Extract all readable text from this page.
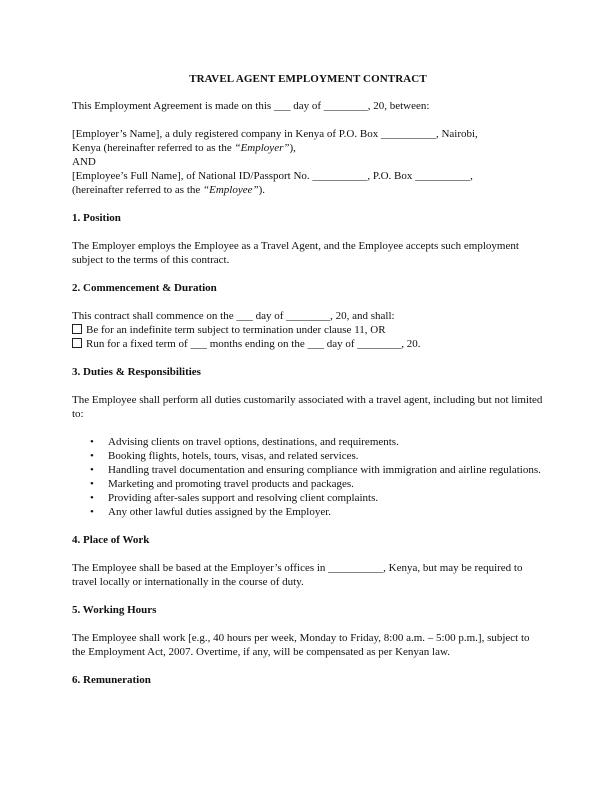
TRAVEL AGENT EMPLOYMENT CONTRACT

This Employment Agreement is made on this ___ day of ________, 20, between:

[Employer’s Name], a duly registered company in Kenya of P.O. Box __________, Nairobi,
Kenya (hereinafter referred to as the “Employer”),
AND
[Employee’s Full Name], of National ID/Passport No. __________, P.O. Box __________,
(hereinafter referred to as the “Employee”).
1. Position

The Employer employs the Employee as a Travel Agent, and the Employee accepts such employment subject to the terms of this contract.

2. Commencement & Duration
This contract shall commence on the ___ day of ________, 20, and shall:
Be for an indefinite term subject to termination under clause 11, OR
Run for a fixed term of ___ months ending on the ___ day of ________, 20.
3. Duties & Responsibilities

The Employee shall perform all duties customarily associated with a travel agent, including but not limited to:

• Advising clients on travel options, destinations, and requirements.
• Booking flights, hotels, tours, visas, and related services.
• Handling travel documentation and ensuring compliance with immigration and airline regulations.
• Marketing and promoting travel products and packages.
• Providing after-sales support and resolving client complaints.
• Any other lawful duties assigned by the Employer.
4. Place of Work

The Employee shall be based at the Employer’s offices in __________, Kenya, but may be required to travel locally or internationally in the course of duty.

5. Working Hours

The Employee shall work [e.g., 40 hours per week, Monday to Friday, 8:00 a.m. – 5:00 p.m.], subject to the Employment Act, 2007. Overtime, if any, will be compensated as per Kenyan law.

6. Remuneration
